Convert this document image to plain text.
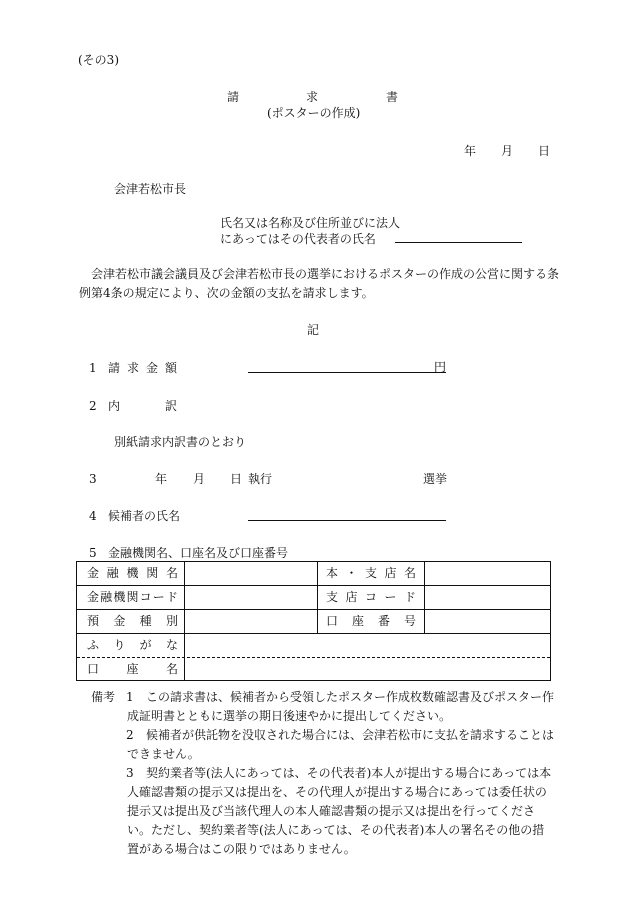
(その3)
請	求	書
(ポスターの作成)
年 月 日
会津若松市長
氏名又は名称及び住所並びに法人
にあってはその代表者の氏名
会津若松市議会議員及び会津若松市長の選挙におけるポスターの作成の公営に関する条
例第4条の規定により、次の金額の支払を請求します。
記
1 請 求 金 額	円
2 内	訳
別紙請求内訳書のとおり
3	年 月 日 執行	選挙
4 候補者の氏名
5 金融機関名、口座名及び口座番号
金 融 機 関 名	本 ・ 支 店 名
金 融 機 関 コ ー ド	支 店 コ ー ド
預 金 種 別	口 座 番 号
ふ り が な
口 座 名
備考 1 この請求書は、候補者から受領したポスター作成枚数確認書及びポスター作
成証明書とともに選挙の期日後速やかに提出してください。
2 候補者が供託物を没収された場合には、会津若松市に支払を請求することは
できません。
3 契約業者等(法人にあっては、その代表者)本人が提出する場合にあっては本
人確認書類の提示又は提出を、その代理人が提出する場合にあっては委任状の
提示又は提出及び当該代理人の本人確認書類の提示又は提出を行ってくださ
い。ただし、契約業者等(法人にあっては、その代表者)本人の署名その他の措
置がある場合はこの限りではありません。
